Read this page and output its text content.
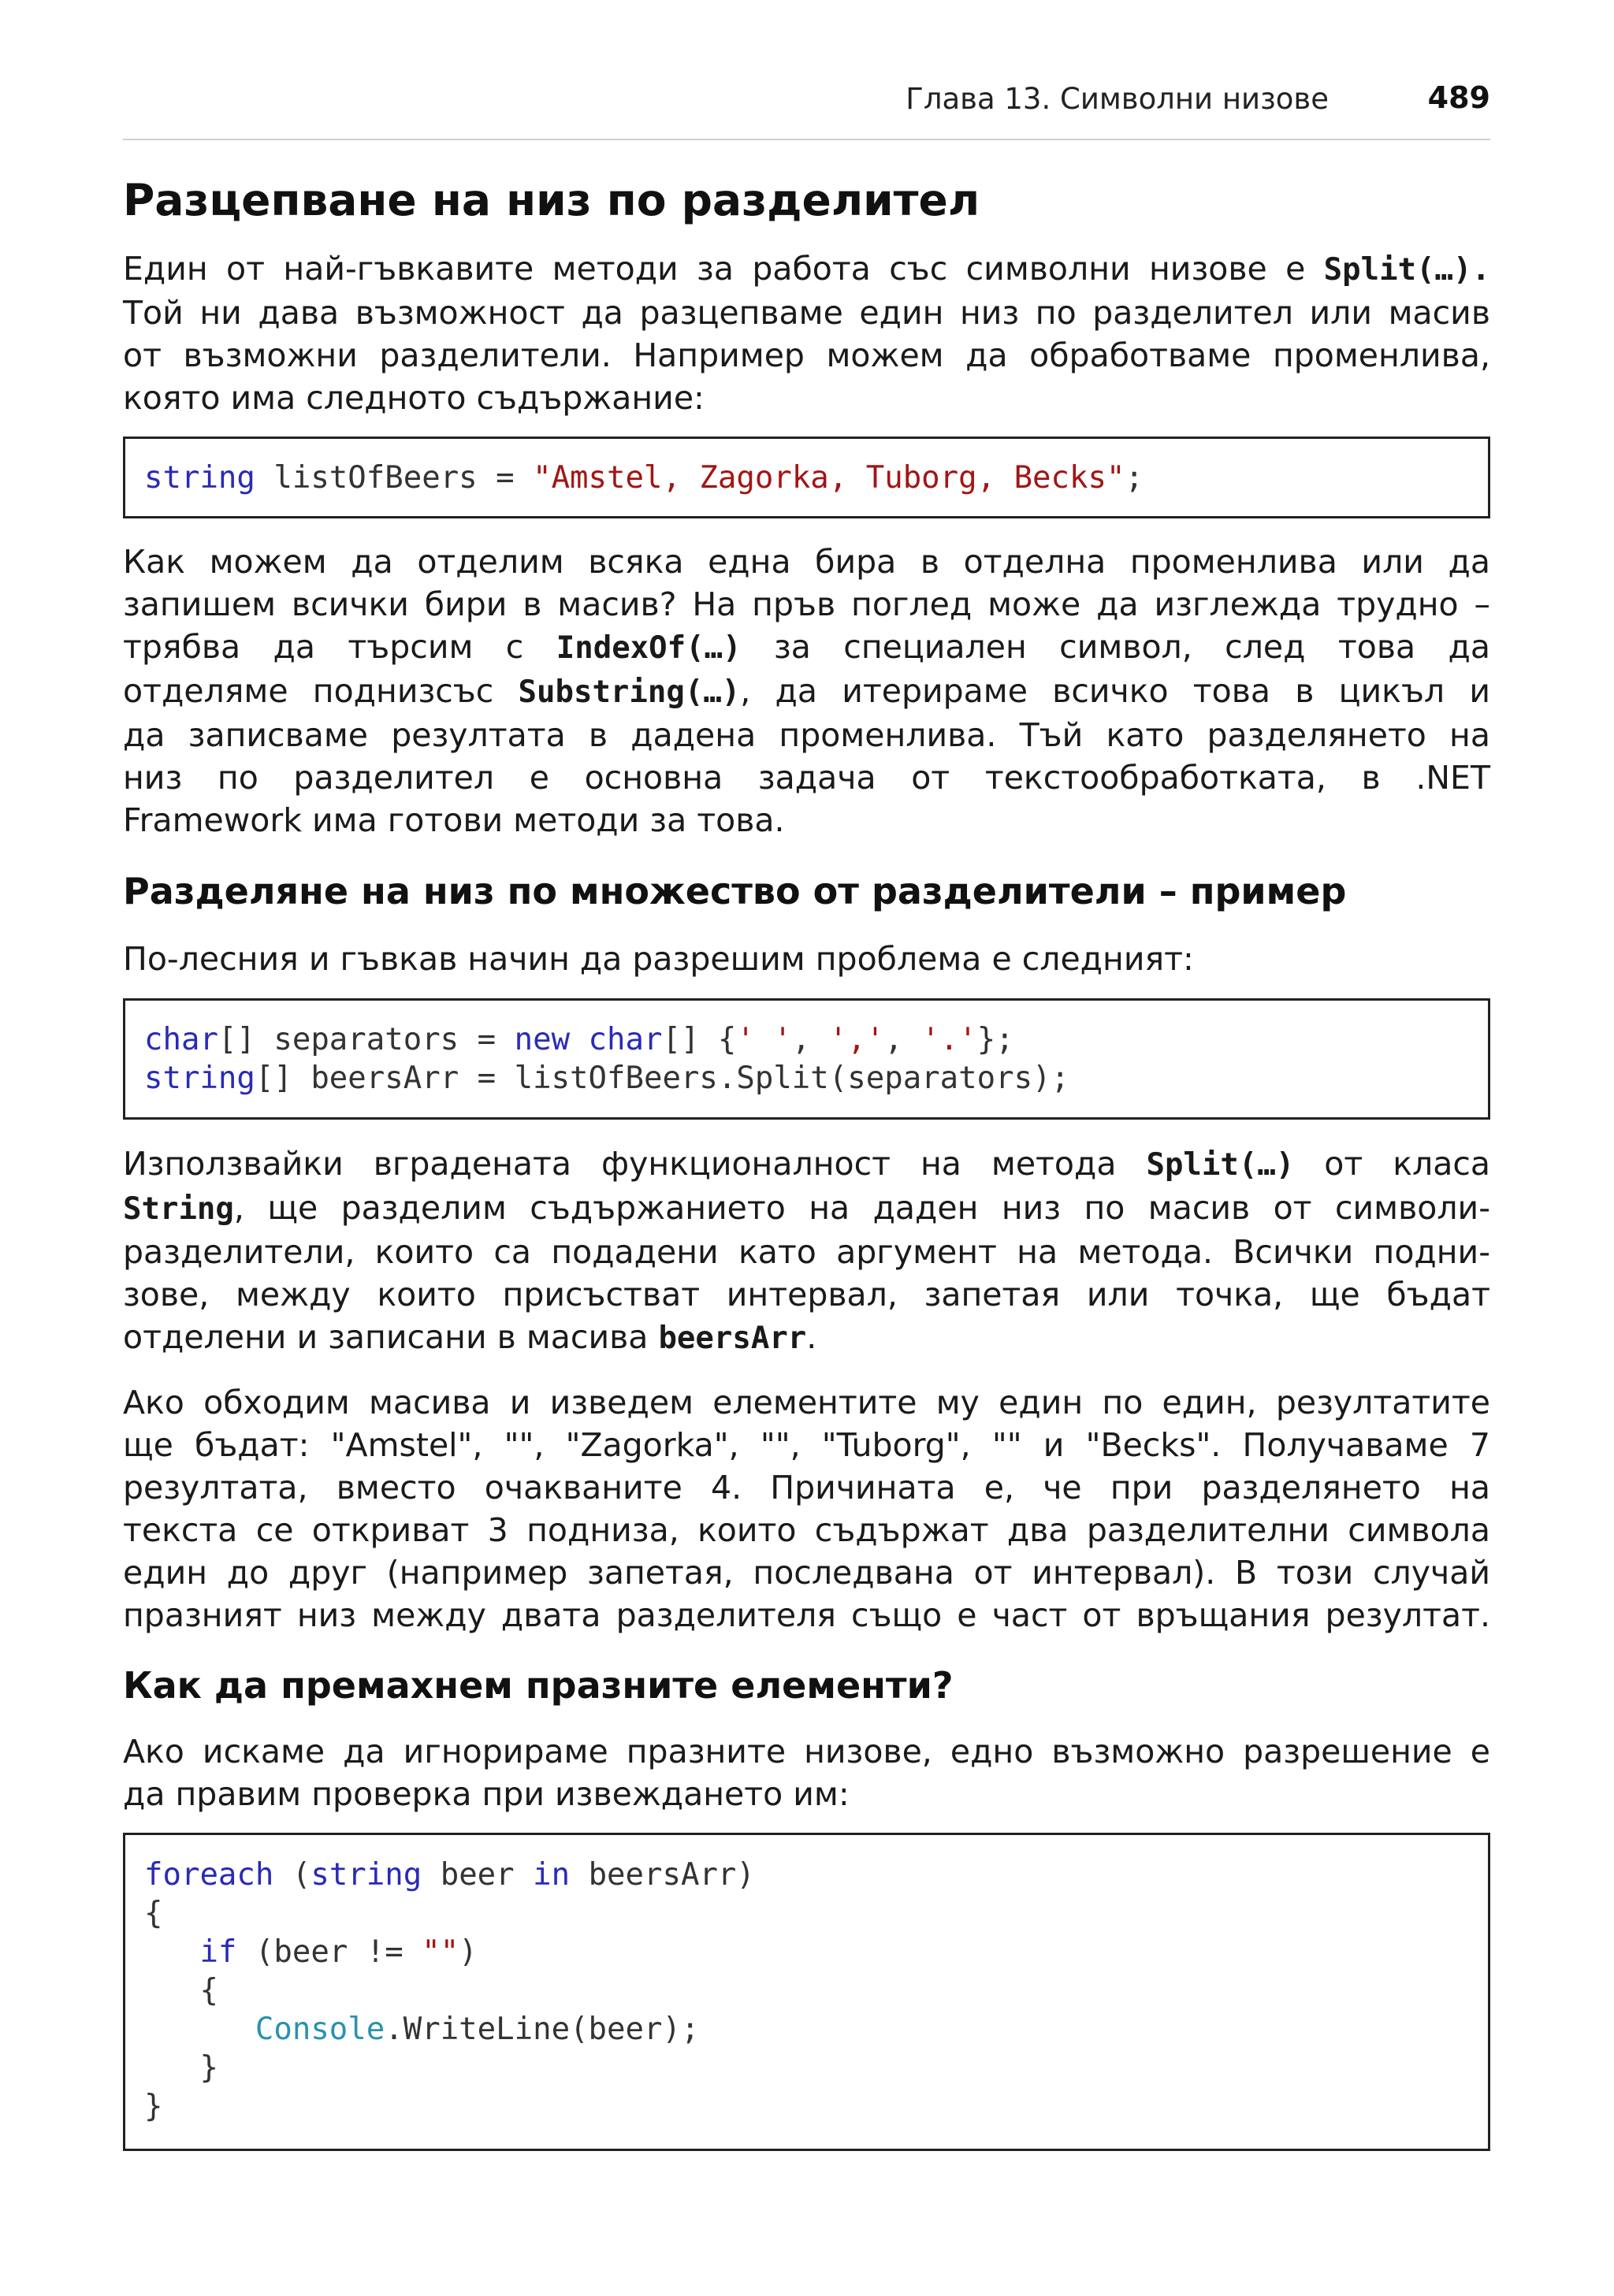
Глава 13. Символни низове	489
Разцепване на низ по разделител
Един от най-гъвкавите методи за работа със символни низове е Split(…).
Той ни дава възможност да разцепваме един низ по разделител или масив
от възможни разделители. Например можем да обработваме променлива,
която има следното съдържание:
string listOfBeers = "Amstel, Zagorka, Tuborg, Becks";
Как можем да отделим всяка една бира в отделна променлива или да
запишем всички бири в масив? На пръв поглед може да изглежда трудно –
трябва да търсим с IndexOf(…) за специален символ, след това да
отделяме поднизсъс Substring(…), да итерираме всичко това в цикъл и
да записваме резултата в дадена променлива. Тъй като разделянето на
низ по разделител е основна задача от текстообработката, в .NET
Framework има готови методи за това.
Разделяне на низ по множество от разделители – пример
По-лесния и гъвкав начин да разрешим проблема е следният:
char[] separators = new char[] {' ', ',', '.'};
string[] beersArr = listOfBeers.Split(separators);
Използвайки вградената функционалност на метода Split(…) от класа
String, ще разделим съдържанието на даден низ по масив от символи-
разделители, които са подадени като аргумент на метода. Всички подни-
зове, между които присъстват интервал, запетая или точка, ще бъдат
отделени и записани в масива beersArr.
Ако обходим масива и изведем елементите му един по един, резултатите
ще бъдат: "Amstel", "", "Zagorka", "", "Tuborg", "" и "Becks". Получаваме 7
резултата, вместо очакваните 4. Причината е, че при разделянето на
текста се откриват 3 подниза, които съдържат два разделителни символа
един до друг (например запетая, последвана от интервал). В този случай
празният низ между двата разделителя също е част от връщания резултат.
Как да премахнем празните елементи?
Ако искаме да игнорираме празните низове, едно възможно разрешение е
да правим проверка при извеждането им:
foreach (string beer in beersArr)
{
if (beer != "")
{
Console.WriteLine(beer);
}
}
